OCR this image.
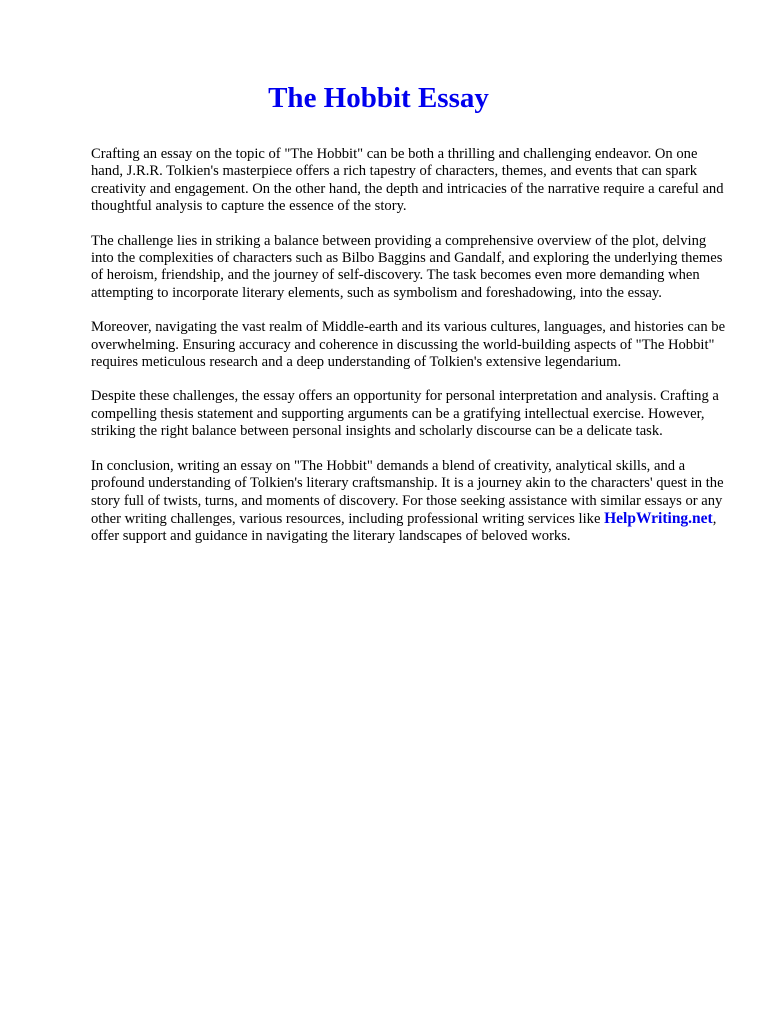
The Hobbit Essay

Crafting an essay on the topic of "The Hobbit" can be both a thrilling and challenging endeavor. On one hand, J.R.R. Tolkien's masterpiece offers a rich tapestry of characters, themes, and events that can spark creativity and engagement. On the other hand, the depth and intricacies of the narrative require a careful and thoughtful analysis to capture the essence of the story.

The challenge lies in striking a balance between providing a comprehensive overview of the plot, delving into the complexities of characters such as Bilbo Baggins and Gandalf, and exploring the underlying themes of heroism, friendship, and the journey of self-discovery. The task becomes even more demanding when attempting to incorporate literary elements, such as symbolism and foreshadowing, into the essay.

Moreover, navigating the vast realm of Middle-earth and its various cultures, languages, and histories can be overwhelming. Ensuring accuracy and coherence in discussing the world-building aspects of "The Hobbit" requires meticulous research and a deep understanding of Tolkien's extensive legendarium.

Despite these challenges, the essay offers an opportunity for personal interpretation and analysis. Crafting a compelling thesis statement and supporting arguments can be a gratifying intellectual exercise. However, striking the right balance between personal insights and scholarly discourse can be a delicate task.

In conclusion, writing an essay on "The Hobbit" demands a blend of creativity, analytical skills, and a profound understanding of Tolkien's literary craftsmanship. It is a journey akin to the characters' quest in the story full of twists, turns, and moments of discovery. For those seeking assistance with similar essays or any other writing challenges, various resources, including professional writing services like HelpWriting.net, offer support and guidance in navigating the literary landscapes of beloved works.
